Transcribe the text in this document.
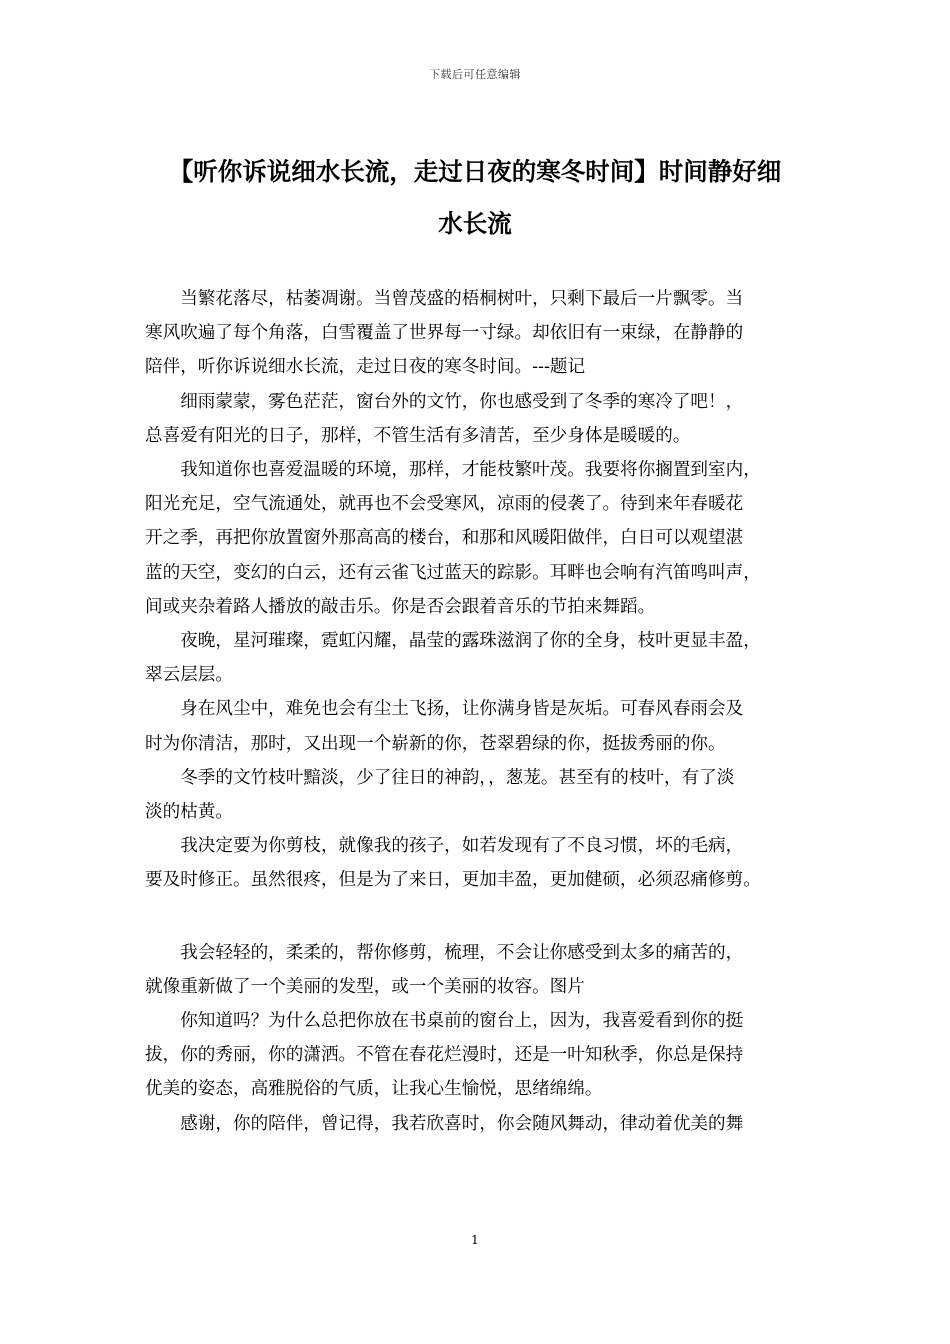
下载后可任意编辑
【听你诉说细水长流，走过日夜的寒冬时间】时间静好细
水长流

当繁花落尽，枯萎凋谢。当曾茂盛的梧桐树叶，只剩下最后一片飘零。当
寒风吹遍了每个角落，白雪覆盖了世界每一寸绿。却依旧有一束绿，在静静的
陪伴，听你诉说细水长流，走过日夜的寒冬时间。---题记

细雨蒙蒙，雾色茫茫，窗台外的文竹，你也感受到了冬季的寒冷了吧！，
总喜爱有阳光的日子，那样，不管生活有多清苦，至少身体是暖暖的。

我知道你也喜爱温暖的环境，那样，才能枝繁叶茂。我要将你搁置到室内，
阳光充足，空气流通处，就再也不会受寒风，凉雨的侵袭了。待到来年春暖花
开之季，再把你放置窗外那高高的楼台，和那和风暖阳做伴，白日可以观望湛
蓝的天空，变幻的白云，还有云雀飞过蓝天的踪影。耳畔也会响有汽笛鸣叫声，
间或夹杂着路人播放的敲击乐。你是否会跟着音乐的节拍来舞蹈。

夜晚，星河璀璨，霓虹闪耀，晶莹的露珠滋润了你的全身，枝叶更显丰盈，
翠云层层。

身在风尘中，难免也会有尘土飞扬，让你满身皆是灰垢。可春风春雨会及
时为你清洁，那时，又出现一个崭新的你，苍翠碧绿的你，挺拔秀丽的你。

冬季的文竹枝叶黯淡，少了往日的神韵，，葱茏。甚至有的枝叶，有了淡
淡的枯黄。

我决定要为你剪枝，就像我的孩子，如若发现有了不良习惯，坏的毛病，
要及时修正。虽然很疼，但是为了来日，更加丰盈，更加健硕，必须忍痛修剪。

我会轻轻的，柔柔的，帮你修剪，梳理，不会让你感受到太多的痛苦的，
就像重新做了一个美丽的发型，或一个美丽的妆容。图片

你知道吗？为什么总把你放在书桌前的窗台上，因为，我喜爱看到你的挺
拔，你的秀丽，你的潇洒。不管在春花烂漫时，还是一叶知秋季，你总是保持
优美的姿态，高雅脱俗的气质，让我心生愉悦，思绪绵绵。

感谢，你的陪伴，曾记得，我若欣喜时，你会随风舞动，律动着优美的舞

1
